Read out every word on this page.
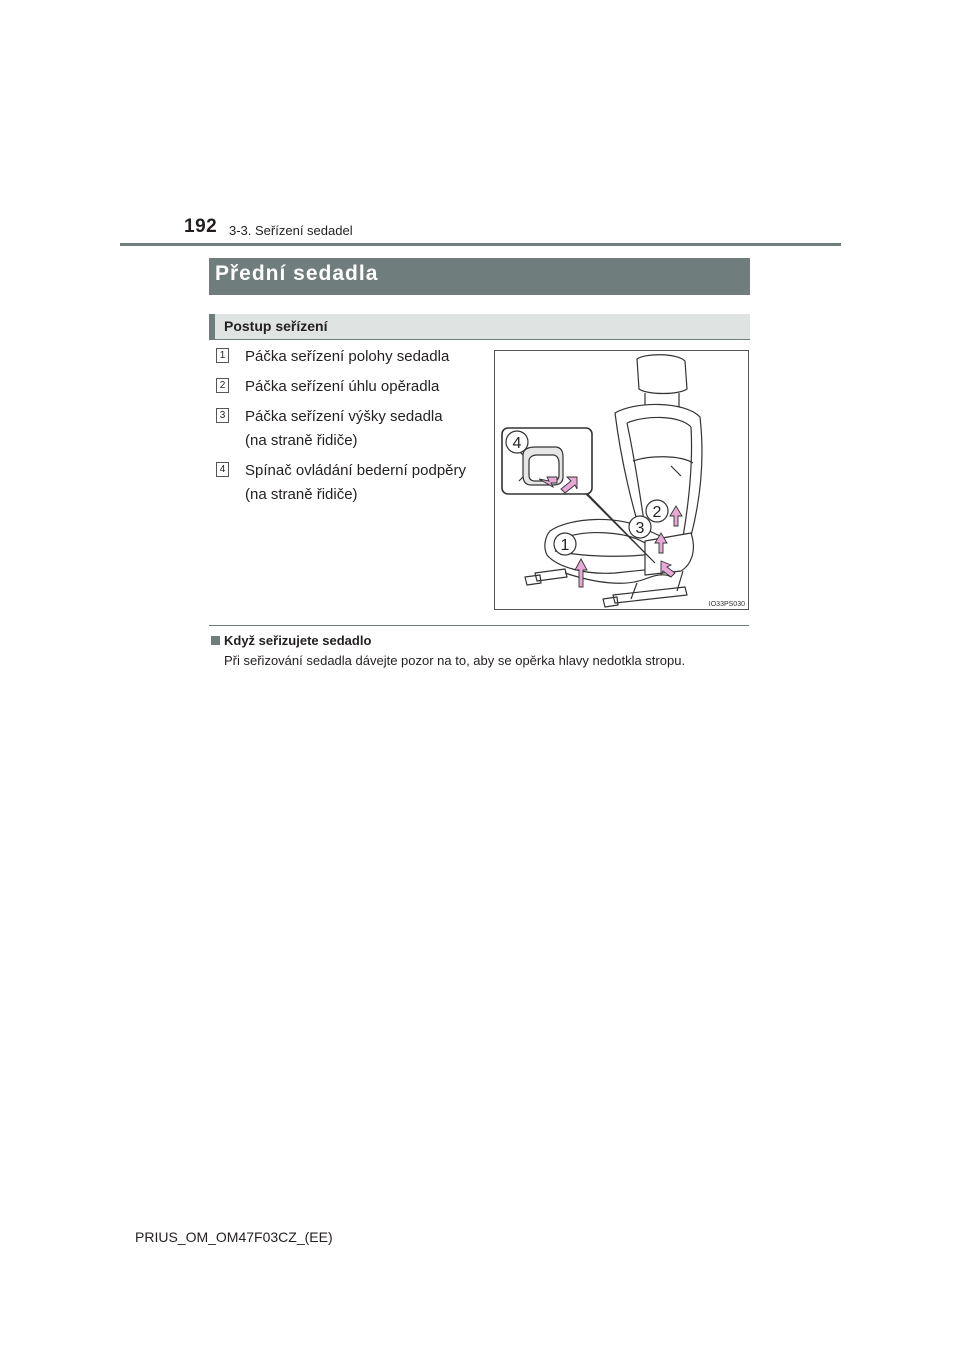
192 3-3. Seřízení sedadel
Přední sedadla
Postup seřízení
1 Páčka seřízení polohy sedadla
2 Páčka seřízení úhlu opěradla
3 Páčka seřízení výšky sedadla
(na straně řidiče)
4 Spínač ovládání bederní podpěry
(na straně řidiče)
4
2
3
1
IO33PS030
Když seřizujete sedadlo
Při seřizování sedadla dávejte pozor na to, aby se opěrka hlavy nedotkla stropu.
PRIUS_OM_OM47F03CZ_(EE)
